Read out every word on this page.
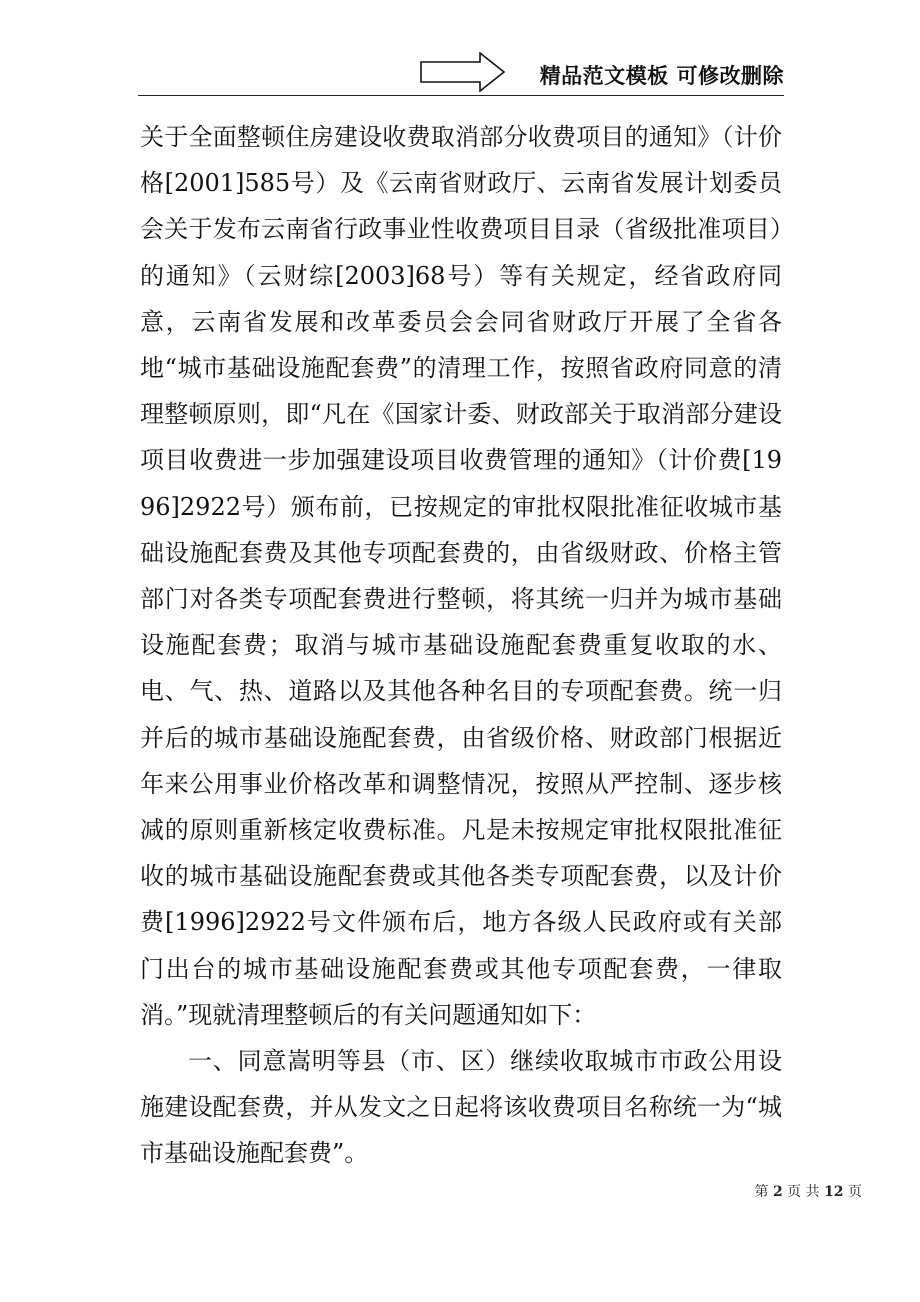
精品范文模板 可修改删除

关于全面整顿住房建设收费取消部分收费项目的通知》（计价格[2001]585号）及《云南省财政厅、云南省发展计划委员会关于发布云南省行政事业性收费项目目录（省级批准项目）的通知》（云财综[2003]68号）等有关规定，经省政府同意，云南省发展和改革委员会会同省财政厅开展了全省各地“城市基础设施配套费”的清理工作，按照省政府同意的清理整顿原则，即“凡在《国家计委、财政部关于取消部分建设项目收费进一步加强建设项目收费管理的通知》（计价费[1996]2922号）颁布前，已按规定的审批权限批准征收城市基础设施配套费及其他专项配套费的，由省级财政、价格主管部门对各类专项配套费进行整顿，将其统一归并为城市基础设施配套费；取消与城市基础设施配套费重复收取的水、电、气、热、道路以及其他各种名目的专项配套费。统一归并后的城市基础设施配套费，由省级价格、财政部门根据近年来公用事业价格改革和调整情况，按照从严控制、逐步核减的原则重新核定收费标准。凡是未按规定审批权限批准征收的城市基础设施配套费或其他各类专项配套费，以及计价费[1996]2922号文件颁布后，地方各级人民政府或有关部门出台的城市基础设施配套费或其他专项配套费，一律取消。”现就清理整顿后的有关问题通知如下：

一、同意嵩明等县（市、区）继续收取城市市政公用设施建设配套费，并从发文之日起将该收费项目名称统一为“城市基础设施配套费”。

第 2 页 共 12 页
